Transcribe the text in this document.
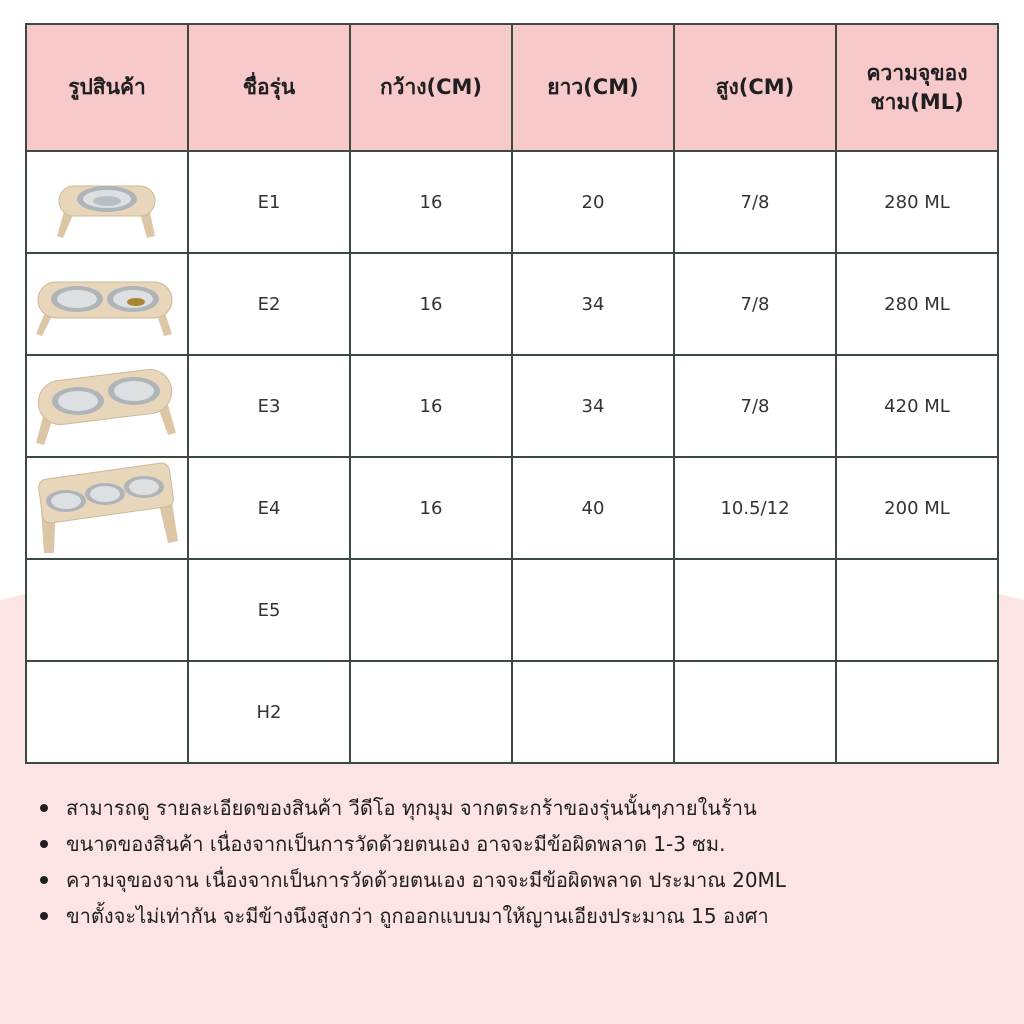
รูปสินค้า	ชื่อรุ่น	กว้าง(CM)	ยาว(CM)	สูง(CM)	ความจุของชาม(ML)

	E1	16	20	7/8	280 ML

	E2	16	34	7/8	280 ML

	E3	16	34	7/8	420 ML

	E4	16	40	10.5/12	200 ML
	E5				
	H2				
สามารถดู รายละเอียดของสินค้า วีดีโอ ทุกมุม จากตระกร้าของรุ่นนั้นๆภายในร้าน
ขนาดของสินค้า เนื่องจากเป็นการวัดด้วยตนเอง อาจจะมีข้อผิดพลาด 1-3 ซม.
ความจุของจาน เนื่องจากเป็นการวัดด้วยตนเอง อาจจะมีข้อผิดพลาด ประมาณ 20ML
ขาตั้งจะไม่เท่ากัน จะมีข้างนึงสูงกว่า ถูกออกแบบมาให้ญานเอียงประมาณ 15 องศา
